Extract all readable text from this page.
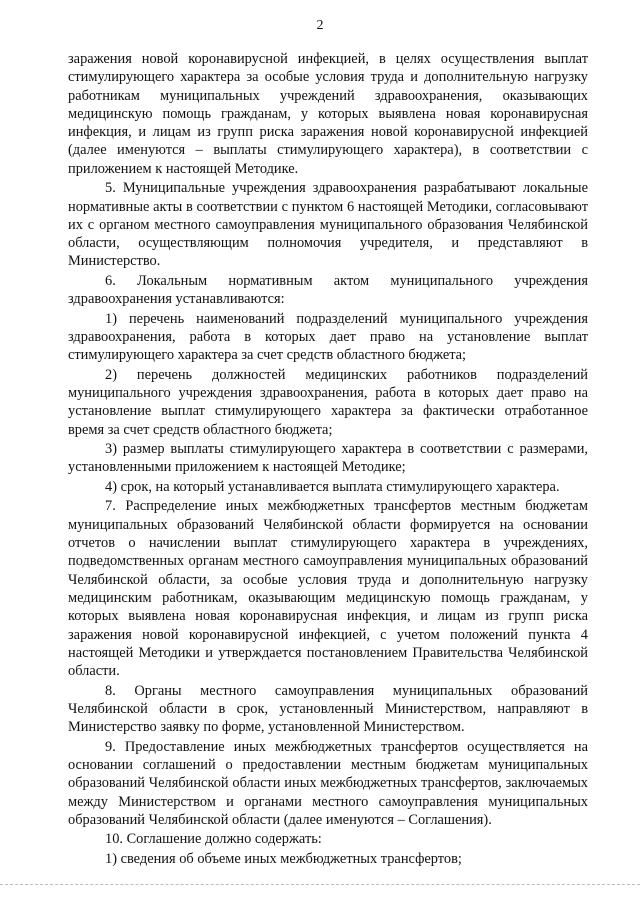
2

заражения новой коронавирусной инфекцией, в целях осуществления выплат стимулирующего характера за особые условия труда и дополнительную нагрузку работникам муниципальных учреждений здравоохранения, оказывающих медицинскую помощь гражданам, у которых выявлена новая коронавирусная инфекция, и лицам из групп риска заражения новой коронавирусной инфекцией (далее именуются – выплаты стимулирующего характера), в соответствии с приложением к настоящей Методике.

5. Муниципальные учреждения здравоохранения разрабатывают локальные нормативные акты в соответствии с пунктом 6 настоящей Методики, согласовывают их с органом местного самоуправления муниципального образования Челябинской области, осуществляющим полномочия учредителя, и представляют в Министерство.

6. Локальным нормативным актом муниципального учреждения здравоохранения устанавливаются:

1) перечень наименований подразделений муниципального учреждения здравоохранения, работа в которых дает право на установление выплат стимулирующего характера за счет средств областного бюджета;

2) перечень должностей медицинских работников подразделений муниципального учреждения здравоохранения, работа в которых дает право на установление выплат стимулирующего характера за фактически отработанное время за счет средств областного бюджета;

3) размер выплаты стимулирующего характера в соответствии с размерами, установленными приложением к настоящей Методике;

4) срок, на который устанавливается выплата стимулирующего характера.

7. Распределение иных межбюджетных трансфертов местным бюджетам муниципальных образований Челябинской области формируется на основании отчетов о начислении выплат стимулирующего характера в учреждениях, подведомственных органам местного самоуправления муниципальных образований Челябинской области, за особые условия труда и дополнительную нагрузку медицинским работникам, оказывающим медицинскую помощь гражданам, у которых выявлена новая коронавирусная инфекция, и лицам из групп риска заражения новой коронавирусной инфекцией, с учетом положений пункта 4 настоящей Методики и утверждается постановлением Правительства Челябинской области.

8. Органы местного самоуправления муниципальных образований Челябинской области в срок, установленный Министерством, направляют в Министерство заявку по форме, установленной Министерством.

9. Предоставление иных межбюджетных трансфертов осуществляется на основании соглашений о предоставлении местным бюджетам муниципальных образований Челябинской области иных межбюджетных трансфертов, заключаемых между Министерством и органами местного самоуправления муниципальных образований Челябинской области (далее именуются – Соглашения).

10. Соглашение должно содержать:

1) сведения об объеме иных межбюджетных трансфертов;
